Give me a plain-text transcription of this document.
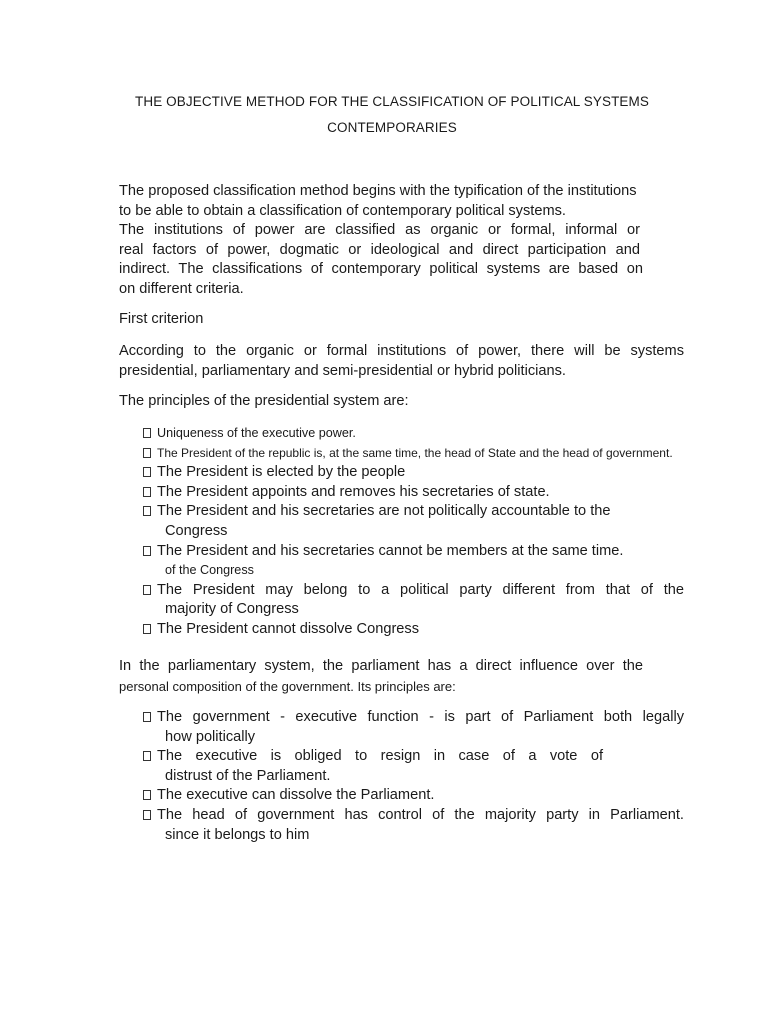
THE OBJECTIVE METHOD FOR THE CLASSIFICATION OF POLITICAL SYSTEMS
CONTEMPORARIES

The proposed classification method begins with the typification of the institutions
to be able to obtain a classification of contemporary political systems.
The institutions of power are classified as organic or formal, informal or
real factors of power, dogmatic or ideological and direct participation and
indirect. The classifications of contemporary political systems are based on
on different criteria.

First criterion

According to the organic or formal institutions of power, there will be systems
presidential, parliamentary and semi-presidential or hybrid politicians.

The principles of the presidential system are:

Uniqueness of the executive power.
The President of the republic is, at the same time, the head of State and the head of government.
The President is elected by the people
The President appoints and removes his secretaries of state.
The President and his secretaries are not politically accountable to the
Congress
The President and his secretaries cannot be members at the same time.
of the Congress
The President may belong to a political party different from that of the
majority of Congress
The President cannot dissolve Congress

In the parliamentary system, the parliament has a direct influence over the
personal composition of the government. Its principles are:

The government - executive function - is part of Parliament both legally
how politically
The executive is obliged to resign in case of a vote of
distrust of the Parliament.
The executive can dissolve the Parliament.
The head of government has control of the majority party in Parliament.
since it belongs to him
